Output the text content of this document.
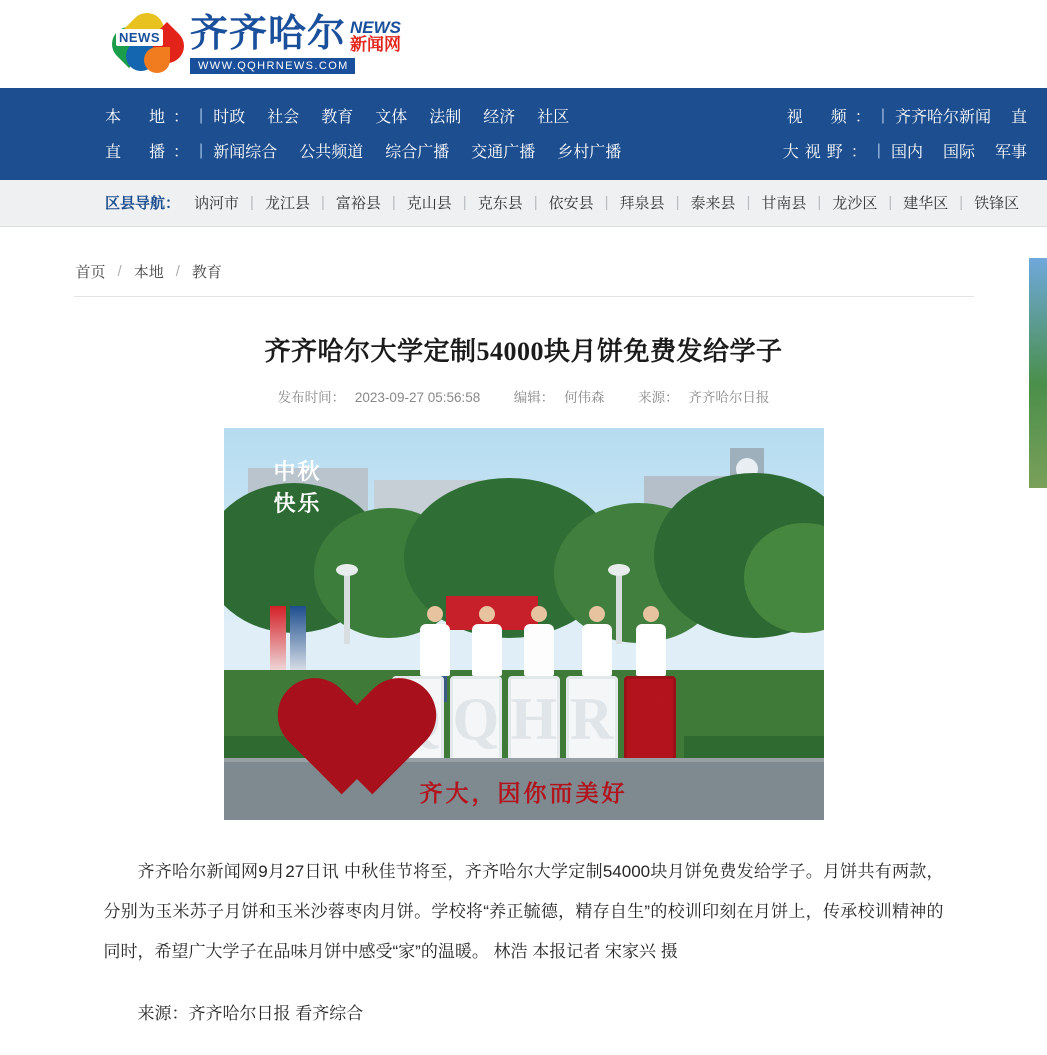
NEWS 齐齐哈尔 NEWS
新闻网
WWW.QQHRNEWS.COM
本　地 ： | 时政 社会 教育 文体 法制 经济 社区	视　频 ： | 齐齐哈尔新闻 直
直　播 ： | 新闻综合 公共频道 综合广播 交通广播 乡村广播	大视野 ： | 国内 国际 军事
区县导航： 讷河市 | 龙江县 | 富裕县 | 克山县 | 克东县 | 依安县 | 拜泉县 | 泰来县 | 甘南县 | 龙沙区 | 建华区 | 铁锋区
首页 / 本地 / 教育
齐齐哈尔大学定制54000块月饼免费发给学子
发布时间： 2023-09-27 05:56:58 编辑： 何伟森 来源： 齐齐哈尔日报
Q Q H R U
中秋
快乐
齐大，因你而美好

齐齐哈尔新闻网9月27日讯 中秋佳节将至，齐齐哈尔大学定制54000块月饼免费发给学子。月饼共有两款，分别为玉米苏子月饼和玉米沙蓉枣肉月饼。学校将“养正毓德，精存自生”的校训印刻在月饼上，传承校训精神的同时，希望广大学子在品味月饼中感受“家”的温暖。 林浩 本报记者 宋家兴 摄

来源：齐齐哈尔日报 看齐综合
